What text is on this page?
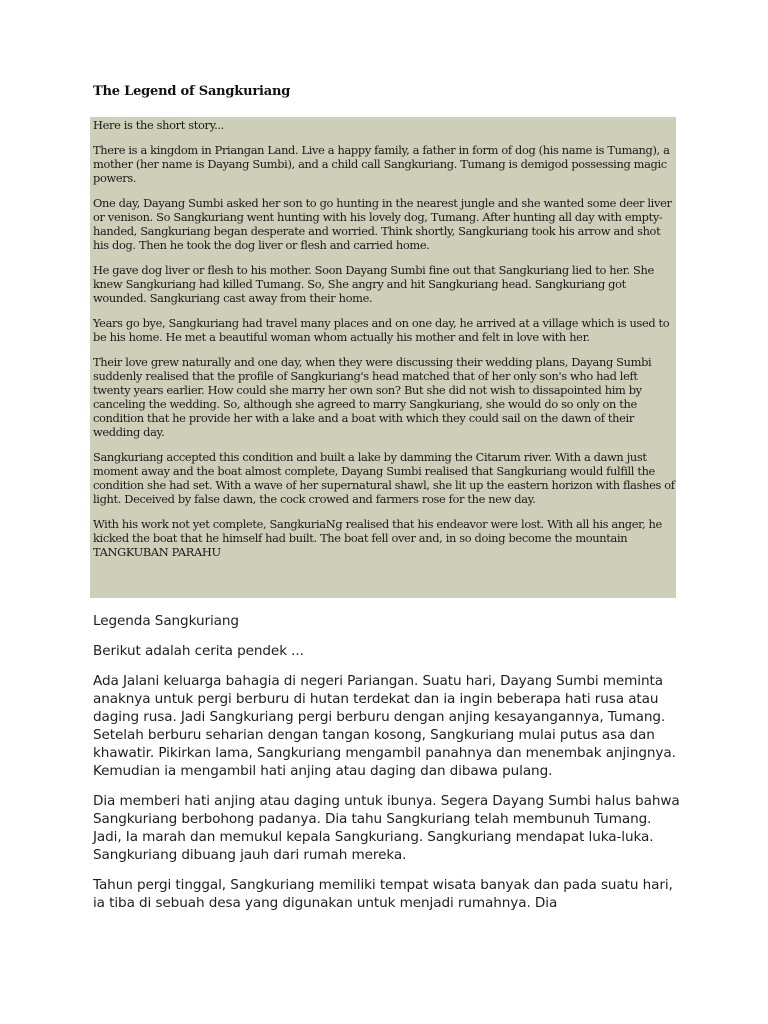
The Legend of Sangkuriang

Here is the short story...

There is a kingdom in Priangan Land. Live a happy family, a father in form of dog (his name is Tumang), a mother (her name is Dayang Sumbi), and a child call Sangkuriang. Tumang is demigod possessing magic powers.

One day, Dayang Sumbi asked her son to go hunting in the nearest jungle and she wanted some deer liver or venison. So Sangkuriang went hunting with his lovely dog, Tumang. After hunting all day with empty-handed, Sangkuriang began desperate and worried. Think shortly, Sangkuriang took his arrow and shot his dog. Then he took the dog liver or flesh and carried home.

He gave dog liver or flesh to his mother. Soon Dayang Sumbi fine out that Sangkuriang lied to her. She knew Sangkuriang had killed Tumang. So, She angry and hit Sangkuriang head. Sangkuriang got wounded. Sangkuriang cast away from their home.

Years go bye, Sangkuriang had travel many places and on one day, he arrived at a village which is used to be his home. He met a beautiful woman whom actually his mother and felt in love with her.

Their love grew naturally and one day, when they were discussing their wedding plans, Dayang Sumbi suddenly realised that the profile of Sangkuriang's head matched that of her only son's who had left twenty years earlier. How could she marry her own son? But she did not wish to dissapointed him by canceling the wedding. So, although she agreed to marry Sangkuriang, she would do so only on the condition that he provide her with a lake and a boat with which they could sail on the dawn of their wedding day.

Sangkuriang accepted this condition and built a lake by damming the Citarum river. With a dawn just moment away and the boat almost complete, Dayang Sumbi realised that Sangkuriang would fulfill the condition she had set. With a wave of her supernatural shawl, she lit up the eastern horizon with flashes of light. Deceived by false dawn, the cock crowed and farmers rose for the new day.

With his work not yet complete, SangkuriaNg realised that his endeavor were lost. With all his anger, he kicked the boat that he himself had built. The boat fell over and, in so doing become the mountain TANGKUBAN PARAHU

Legenda Sangkuriang

Berikut adalah cerita pendek ...

Ada Jalani keluarga bahagia di negeri Pariangan. Suatu hari, Dayang Sumbi meminta anaknya untuk pergi berburu di hutan terdekat dan ia ingin beberapa hati rusa atau daging rusa. Jadi Sangkuriang pergi berburu dengan anjing kesayangannya, Tumang. Setelah berburu seharian dengan tangan kosong, Sangkuriang mulai putus asa dan khawatir. Pikirkan lama, Sangkuriang mengambil panahnya dan menembak anjingnya. Kemudian ia mengambil hati anjing atau daging dan dibawa pulang.

Dia memberi hati anjing atau daging untuk ibunya. Segera Dayang Sumbi halus bahwa Sangkuriang berbohong padanya. Dia tahu Sangkuriang telah membunuh Tumang. Jadi, Ia marah dan memukul kepala Sangkuriang. Sangkuriang mendapat luka-luka. Sangkuriang dibuang jauh dari rumah mereka.

Tahun pergi tinggal, Sangkuriang memiliki tempat wisata banyak dan pada suatu hari, ia tiba di sebuah desa yang digunakan untuk menjadi rumahnya. Dia
